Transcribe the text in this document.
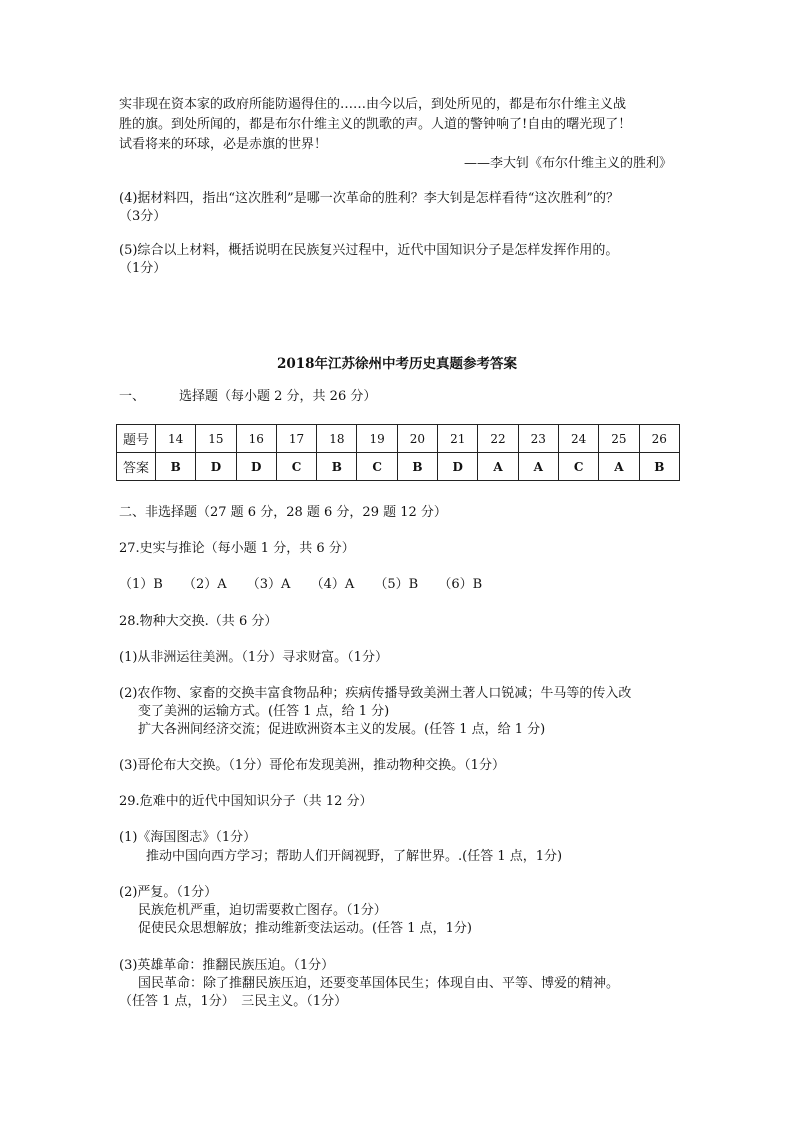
实非现在资本家的政府所能防遏得住的……由今以后，到处所见的，都是布尔什维主义战
胜的旗。到处所闻的，都是布尔什维主义的凯歌的声。人道的警钟响了!自由的曙光现了！
试看将来的环球，必是赤旗的世界！
——李大钊《布尔什维主义的胜利》
(4)据材料四，指出“这次胜利”是哪一次革命的胜利？李大钊是怎样看待“这次胜利”的？
（3分）
(5)综合以上材料，概括说明在民族复兴过程中，近代中国知识分子是怎样发挥作用的。
（1分）
2018年江苏徐州中考历史真题参考答案
一、	选择题（每小题 2 分，共 26 分）
题号	14	15	16	17	18	19	20	21	22	23	24	25	26
答案	B	D	D	C	B	C	B	D	A	A	C	A	B
二、非选择题（27 题 6 分，28 题 6 分，29 题 12 分）
27.史实与推论（每小题 1 分，共 6 分）
（1）B （2）A （3）A （4）A （5）B （6）B
28.物种大交换.（共 6 分）
(1)从非洲运往美洲。（1分）寻求财富。（1分）
(2)农作物、家畜的交换丰富食物品种；疾病传播导致美洲土著人口锐减；牛马等的传入改
变了美洲的运输方式。(任答 1 点，给 1 分)
扩大各洲间经济交流；促进欧洲资本主义的发展。(任答 1 点，给 1 分)
(3)哥伦布大交换。（1分）哥伦布发现美洲，推动物种交换。（1分）
29.危难中的近代中国知识分子（共 12 分）
(1)《海国图志》（1分）
推动中国向西方学习；帮助人们开阔视野，了解世界。.(任答 1 点，1分)
(2)严复。（1分）
民族危机严重，迫切需要救亡图存。（1分）
促使民众思想解放；推动维新变法运动。(任答 1 点，1分)
(3)英雄革命：推翻民族压迫。（1分）
国民革命：除了推翻民族压迫，还要变革国体民生；体现自由、平等、博爱的精神。
（任答 1 点，1分）　三民主义。（1分）
